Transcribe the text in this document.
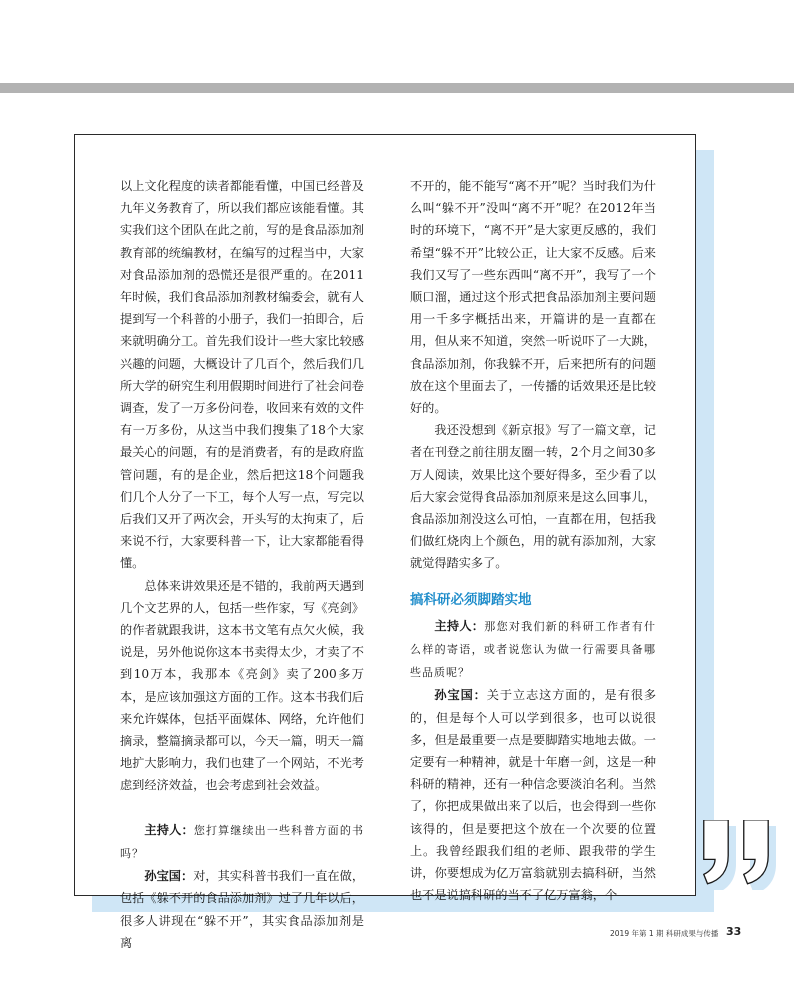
以上文化程度的读者都能看懂，中国已经普及九年义务教育了，所以我们都应该能看懂。其实我们这个团队在此之前，写的是食品添加剂教育部的统编教材，在编写的过程当中，大家对食品添加剂的恐慌还是很严重的。在2011年时候，我们食品添加剂教材编委会，就有人提到写一个科普的小册子，我们一拍即合，后来就明确分工。首先我们设计一些大家比较感兴趣的问题，大概设计了几百个，然后我们几所大学的研究生利用假期时间进行了社会问卷调查，发了一万多份问卷，收回来有效的文件有一万多份，从这当中我们搜集了18个大家最关心的问题，有的是消费者，有的是政府监管问题，有的是企业，然后把这18个问题我们几个人分了一下工，每个人写一点，写完以后我们又开了两次会，开头写的太拘束了，后来说不行，大家要科普一下，让大家都能看得懂。

总体来讲效果还是不错的，我前两天遇到几个文艺界的人，包括一些作家，写《亮剑》的作者就跟我讲，这本书文笔有点欠火候，我说是，另外他说你这本书卖得太少，才卖了不到10万本，我那本《亮剑》卖了200多万本，是应该加强这方面的工作。这本书我们后来允许媒体，包括平面媒体、网络，允许他们摘录，整篇摘录都可以，今天一篇，明天一篇地扩大影响力，我们也建了一个网站，不光考虑到经济效益，也会考虑到社会效益。

主持人：您打算继续出一些科普方面的书吗？

孙宝国：对，其实科普书我们一直在做，包括《躲不开的食品添加剂》过了几年以后，很多人讲现在“躲不开”，其实食品添加剂是离

不开的，能不能写“离不开”呢？当时我们为什么叫“躲不开”没叫“离不开”呢？在2012年当时的环境下，“离不开”是大家更反感的，我们希望“躲不开”比较公正，让大家不反感。后来我们又写了一些东西叫“离不开”，我写了一个顺口溜，通过这个形式把食品添加剂主要问题用一千多字概括出来，开篇讲的是一直都在用，但从来不知道，突然一听说吓了一大跳，食品添加剂，你我躲不开，后来把所有的问题放在这个里面去了，一传播的话效果还是比较好的。

我还没想到《新京报》写了一篇文章，记者在刊登之前往朋友圈一转，2个月之间30多万人阅读，效果比这个要好得多，至少看了以后大家会觉得食品添加剂原来是这么回事儿，食品添加剂没这么可怕，一直都在用，包括我们做红烧肉上个颜色，用的就有添加剂，大家就觉得踏实多了。

搞科研必须脚踏实地

主持人：那您对我们新的科研工作者有什么样的寄语，或者说您认为做一行需要具备哪些品质呢？

孙宝国：关于立志这方面的，是有很多的，但是每个人可以学到很多，也可以说很多，但是最重要一点是要脚踏实地地去做。一定要有一种精神，就是十年磨一剑，这是一种科研的精神，还有一种信念要淡泊名利。当然了，你把成果做出来了以后，也会得到一些你该得的，但是要把这个放在一个次要的位置上。我曾经跟我们组的老师、跟我带的学生讲，你要想成为亿万富翁就别去搞科研，当然也不是说搞科研的当不了亿万富翁，个

2019 年第 1 期 科研成果与传播 33
